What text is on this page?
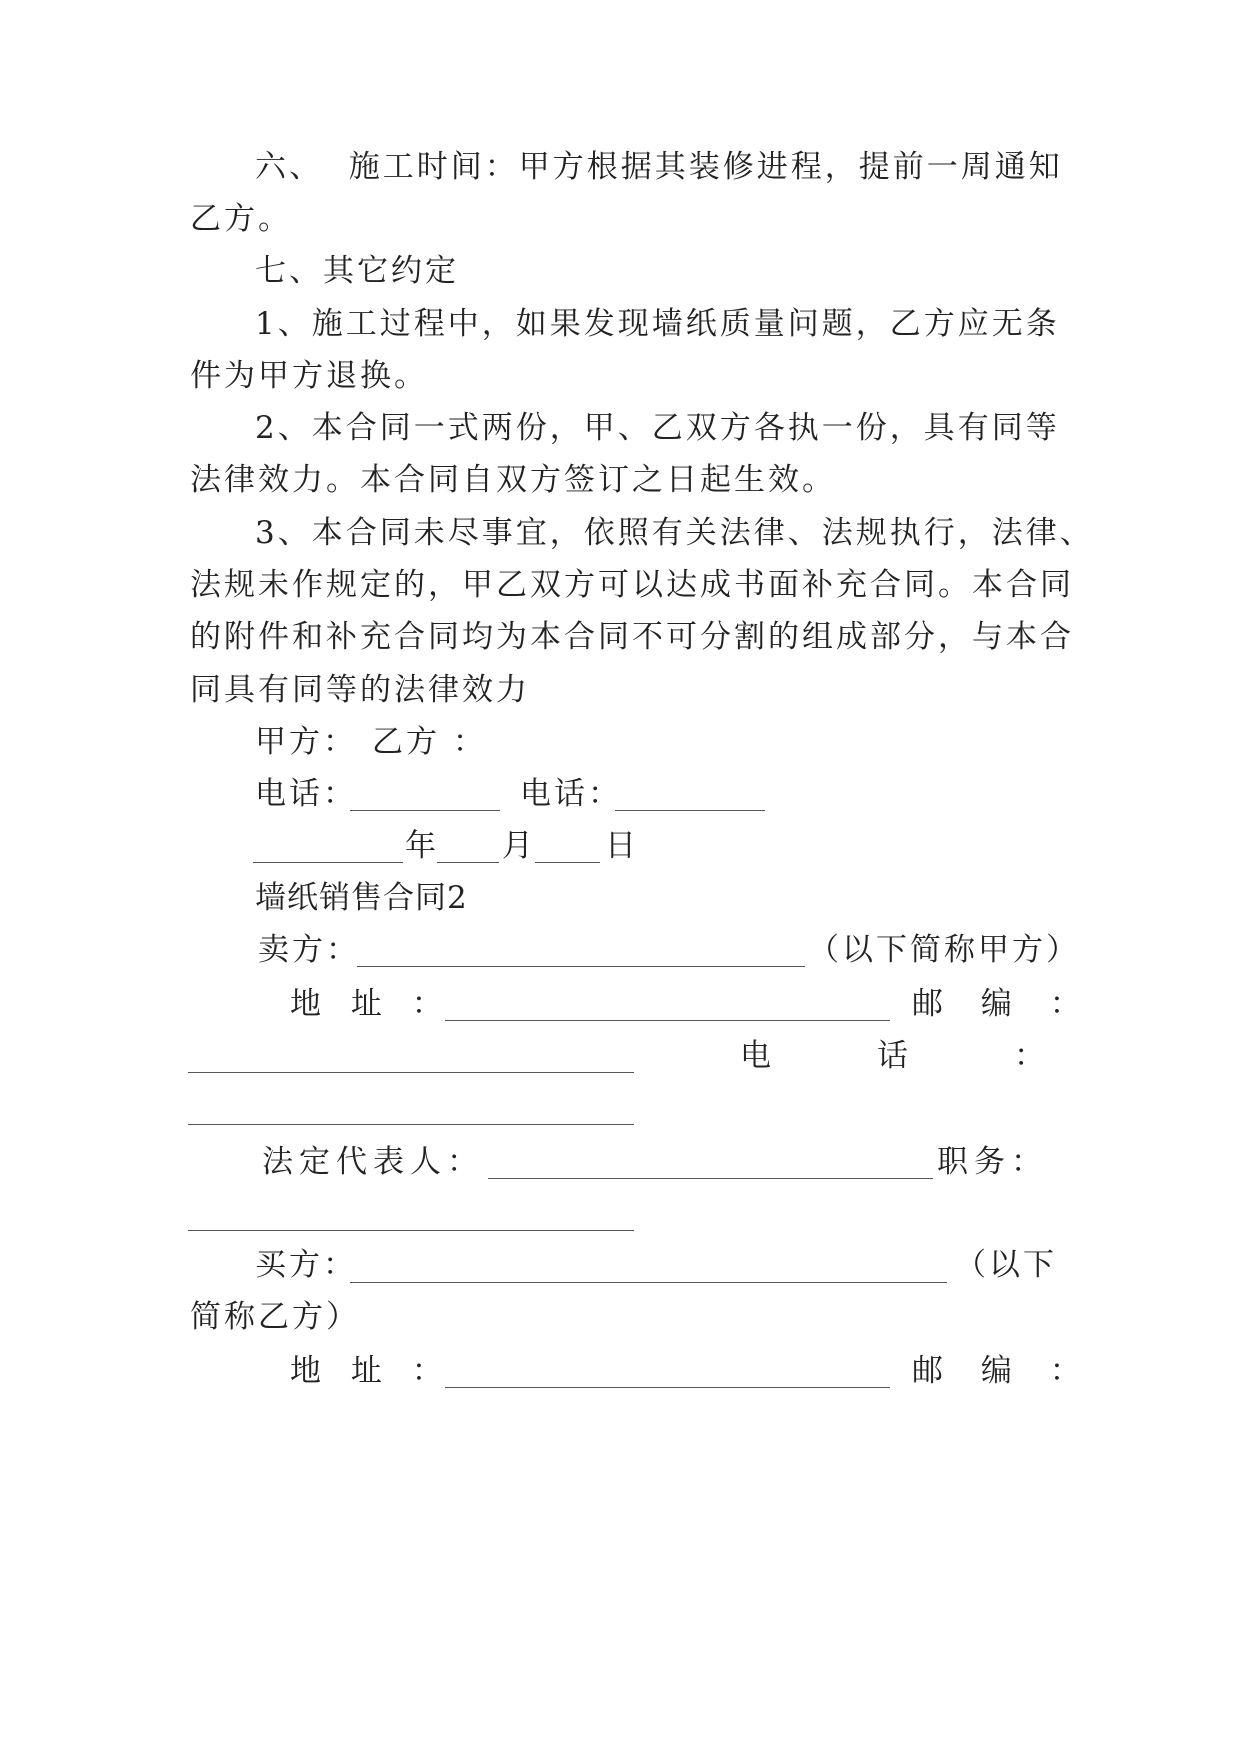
六、  施工时间：甲方根据其装修进程，提前一周通知
乙方。
七、其它约定
1、施工过程中，如果发现墙纸质量问题，乙方应无条
件为甲方退换。
2、本合同一式两份，甲、乙双方各执一份，具有同等
法律效力。本合同自双方签订之日起生效。
3、本合同未尽事宜，依照有关法律、法规执行，法律、
法规未作规定的，甲乙双方可以达成书面补充合同。本合同
的附件和补充合同均为本合同不可分割的组成部分，与本合
同具有同等的法律效力
甲方： 乙方 ：
电话：	电话：
年 月 日
墙纸销售合同2
卖方：	（以下简称甲方）
地 址 ：	邮 编 ：
电	话	：
法定代表人：	职务：
买方：	（以下
简称乙方）
地 址 ：	邮 编 ：
